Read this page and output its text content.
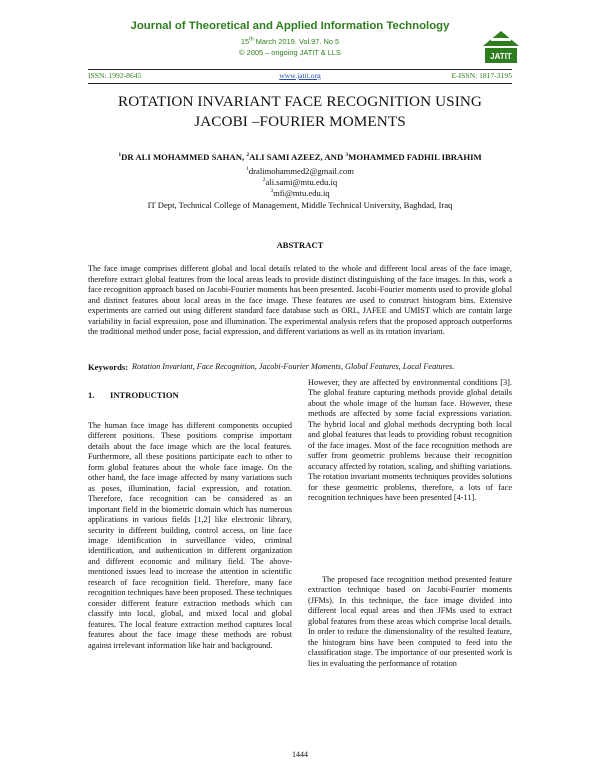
Journal of Theoretical and Applied Information Technology
15th March 2019. Vol.97. No 5
© 2005 – ongoing JATIT & LLS	JATIT
ISSN: 1992-8645	www.jatit.org	E-ISSN: 1817-3195
ROTATION INVARIANT FACE RECOGNITION USING
JACOBI –FOURIER MOMENTS
$^1$DR ALI MOHAMMED SAHAN, $^2$ALI SAMI AZEEZ, AND $^3$MOHAMMED FADHIL IBRAHIM
$^1$dralimohammed2@gmail.com
$^2$ali.sami@mtu.edu.iq
$^3$mfi@mtu.edu.iq
IT Dept, Technical College of Management, Middle Technical University, Baghdad, Iraq
ABSTRACT

The face image comprises different global and local details related to the whole and different local areas of the face image, therefore extract global features from the local areas leads to provide distinct distinguishing of the face images. In this, work a face recognition approach based on Jacobi-Fourier moments has been presented. Jacobi-Fourier moments used to provide global and distinct features about local areas in the face image. These features are used to construct histogram bins. Extensive experiments are carried out using different standard face database such as ORL, JAFEE and UMIST which are contain large variability in facial expression, pose and illumination. The experimental analysis refers that the proposed approach outperforms the traditional method under pose, facial expression, and different variations as well as its rotation invariant.

Keywords: Rotation Invariant, Face Recognition, Jacobi-Fourier Moments, Global Features, Local Features.

1. INTRODUCTION

The human face image has different components occupied different positions. These positions comprise important details about the face image which are the local features. Furthermore, all these positions participate each to other to form global features about the whole face image. On the other hand, the face image affected by many variations such as poses, illumination, facial expression, and rotation. Therefore, face recognition can be considered as an important field in the biometric domain which has numerous applications in various fields [1,2] like electronic library, security in different building, control access, on line face image identification in surveillance video, criminal identification, and authentication in different organization and different economic and military field. The above-mentioned issues lead to increase the attention in scientific research of face recognition field. Therefore, many face recognition techniques have been proposed. These techniques consider different feature extraction methods which can classify into local, global, and mixed local and global features. The local feature extraction method captures local features about the face image these methods are robust against irrelevant information like hair and background.

However, they are affected by environmental conditions [3]. The global feature capturing methods provide global details about the whole image of the human face. However, these methods are affected by some facial expressions variation. The hybrid local and global methods decrypting both local and global features that leads to providing robust recognition of the face images. Most of the face recognition methods are suffer from geometric problems because their recognition accuracy affected by rotation, scaling, and shifting variations. The rotation invariant moments techniques provides solutions for these geometric problems, therefore, a lots of face recognition techniques have been presented [4-11].

The proposed face recognition method presented feature extraction technique based on Jacobi-Fourier moments (JFMs). In this technique, the face image divided into different local equal areas and then JFMs used to extract global features from these areas which comprise local details. In order to reduce the dimensionality of the resulted feature, the histogram bins have been computed to feed into the classification stage. The importance of our presented work is lies in evaluating the performance of rotation

1444
